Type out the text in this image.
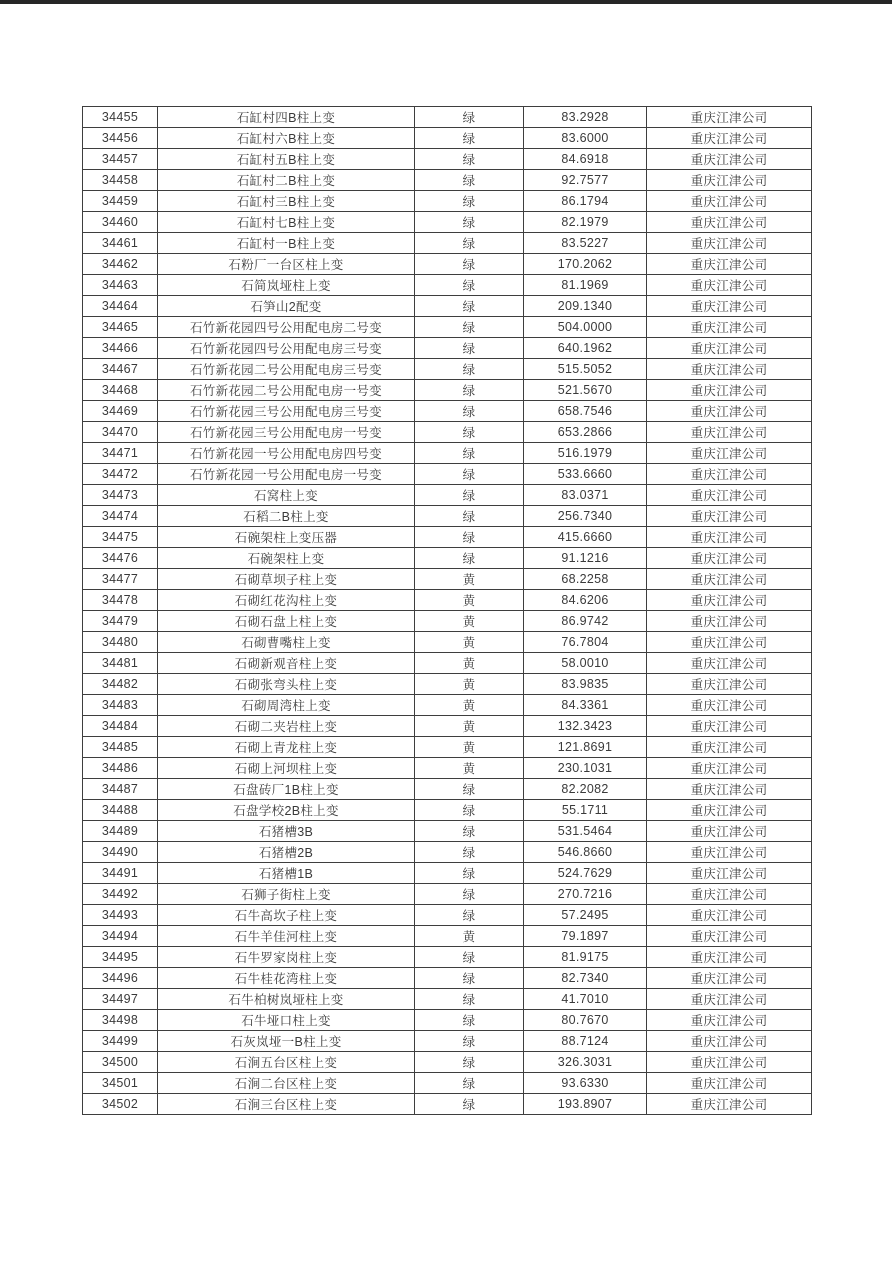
34455	石缸村四B柱上变	绿	83.2928	重庆江津公司
34456	石缸村六B柱上变	绿	83.6000	重庆江津公司
34457	石缸村五B柱上变	绿	84.6918	重庆江津公司
34458	石缸村二B柱上变	绿	92.7577	重庆江津公司
34459	石缸村三B柱上变	绿	86.1794	重庆江津公司
34460	石缸村七B柱上变	绿	82.1979	重庆江津公司
34461	石缸村一B柱上变	绿	83.5227	重庆江津公司
34462	石粉厂一台区柱上变	绿	170.2062	重庆江津公司
34463	石简岚垭柱上变	绿	81.1969	重庆江津公司
34464	石笋山2配变	绿	209.1340	重庆江津公司
34465	石竹新花园四号公用配电房二号变	绿	504.0000	重庆江津公司
34466	石竹新花园四号公用配电房三号变	绿	640.1962	重庆江津公司
34467	石竹新花园二号公用配电房三号变	绿	515.5052	重庆江津公司
34468	石竹新花园二号公用配电房一号变	绿	521.5670	重庆江津公司
34469	石竹新花园三号公用配电房三号变	绿	658.7546	重庆江津公司
34470	石竹新花园三号公用配电房一号变	绿	653.2866	重庆江津公司
34471	石竹新花园一号公用配电房四号变	绿	516.1979	重庆江津公司
34472	石竹新花园一号公用配电房一号变	绿	533.6660	重庆江津公司
34473	石窝柱上变	绿	83.0371	重庆江津公司
34474	石稻二B柱上变	绿	256.7340	重庆江津公司
34475	石碗架柱上变压器	绿	415.6660	重庆江津公司
34476	石碗架柱上变	绿	91.1216	重庆江津公司
34477	石砌草坝子柱上变	黄	68.2258	重庆江津公司
34478	石砌红花沟柱上变	黄	84.6206	重庆江津公司
34479	石砌石盘上柱上变	黄	86.9742	重庆江津公司
34480	石砌曹嘴柱上变	黄	76.7804	重庆江津公司
34481	石砌新观音柱上变	黄	58.0010	重庆江津公司
34482	石砌张弯头柱上变	黄	83.9835	重庆江津公司
34483	石砌周湾柱上变	黄	84.3361	重庆江津公司
34484	石砌二夹岩柱上变	黄	132.3423	重庆江津公司
34485	石砌上青龙柱上变	黄	121.8691	重庆江津公司
34486	石砌上河坝柱上变	黄	230.1031	重庆江津公司
34487	石盘砖厂1B柱上变	绿	82.2082	重庆江津公司
34488	石盘学校2B柱上变	绿	55.1711	重庆江津公司
34489	石猪槽3B	绿	531.5464	重庆江津公司
34490	石猪槽2B	绿	546.8660	重庆江津公司
34491	石猪槽1B	绿	524.7629	重庆江津公司
34492	石狮子街柱上变	绿	270.7216	重庆江津公司
34493	石牛高坎子柱上变	绿	57.2495	重庆江津公司
34494	石牛羊佳河柱上变	黄	79.1897	重庆江津公司
34495	石牛罗家岗柱上变	绿	81.9175	重庆江津公司
34496	石牛桂花湾柱上变	绿	82.7340	重庆江津公司
34497	石牛柏树岚垭柱上变	绿	41.7010	重庆江津公司
34498	石牛垭口柱上变	绿	80.7670	重庆江津公司
34499	石灰岚垭一B柱上变	绿	88.7124	重庆江津公司
34500	石涧五台区柱上变	绿	326.3031	重庆江津公司
34501	石涧二台区柱上变	绿	93.6330	重庆江津公司
34502	石涧三台区柱上变	绿	193.8907	重庆江津公司
